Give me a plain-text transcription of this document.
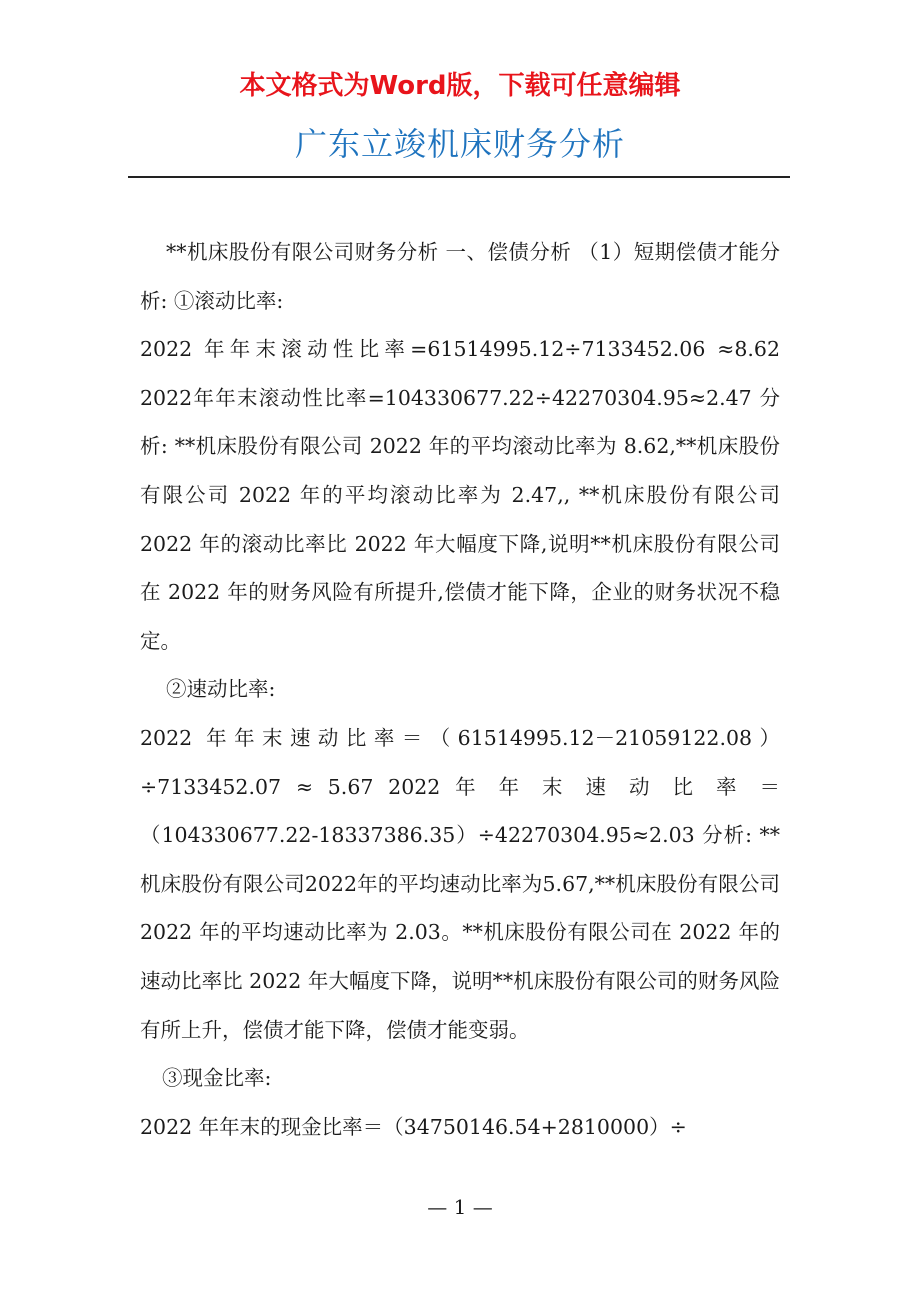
本文格式为Word版，下载可任意编辑
广东立竣机床财务分析

**机床股份有限公司财务分析 一、偿债分析 （1）短期偿债才能分析: ①滚动比率:

2022 年年末滚动性比率=61514995.12÷7133452.06 ≈8.62 2022年年末滚动性比率=104330677.22÷42270304.95≈2.47 分析: **机床股份有限公司 2022 年的平均滚动比率为 8.62,**机床股份有限公司 2022 年的平均滚动比率为 2.47,, **机床股份有限公司 2022 年的滚动比率比 2022 年大幅度下降,说明**机床股份有限公司在 2022 年的财务风险有所提升,偿债才能下降，企业的财务状况不稳定。

②速动比率:

2022 年年末速动比率＝（61514995.12－21059122.08）÷7133452.07 ≈ 5.67 2022 年 年 末 速 动 比 率 ＝（104330677.22-18337386.35）÷42270304.95≈2.03 分析: **机床股份有限公司2022年的平均速动比率为5.67,**机床股份有限公司 2022 年的平均速动比率为 2.03。**机床股份有限公司在 2022 年的速动比率比 2022 年大幅度下降，说明**机床股份有限公司的财务风险有所上升，偿债才能下降，偿债才能变弱。

③现金比率:

2022 年年末的现金比率＝（34750146.54+2810000）÷

— 1 —
